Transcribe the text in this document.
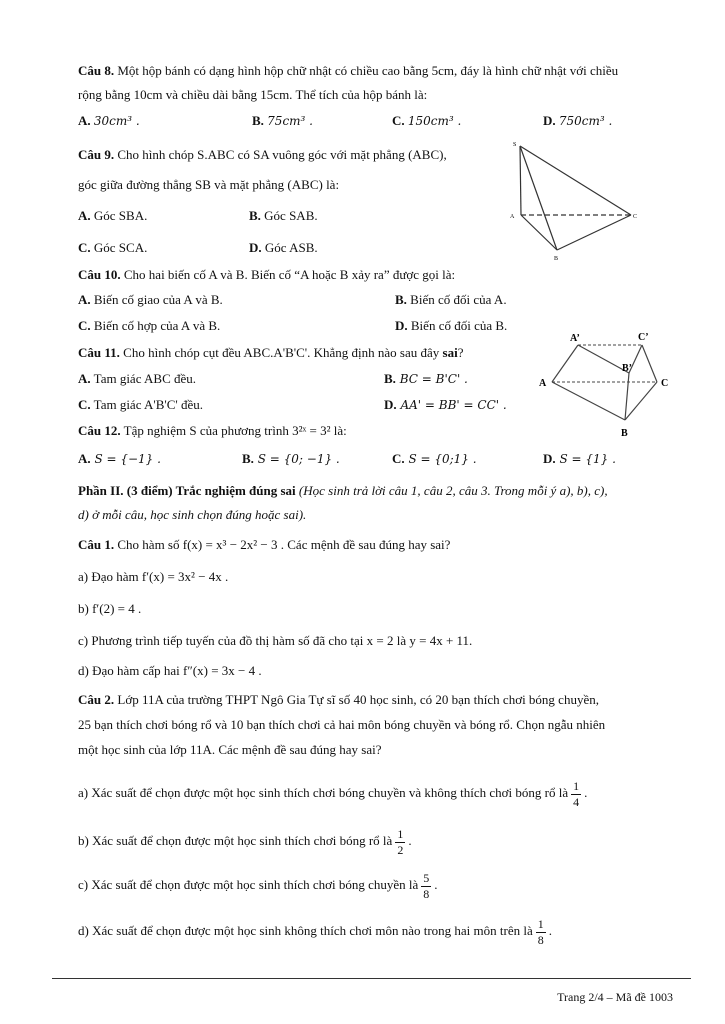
Câu 8. Một hộp bánh có dạng hình hộp chữ nhật có chiều cao bằng 5cm, đáy là hình chữ nhật với chiều
rộng bằng 10cm và chiều dài bằng 15cm. Thể tích của hộp bánh là:
A. 30cm³ .	B. 75cm³ .	C. 150cm³ .	D. 750cm³ .
Câu 9. Cho hình chóp S.ABC có SA vuông góc với mặt phẳng (ABC),
góc giữa đường thẳng SB và mặt phẳng (ABC) là:
A. Góc SBA.	B. Góc SAB.
C. Góc SCA.	D. Góc ASB.
S
A
B
C
Câu 10. Cho hai biến cố A và B. Biến cố “A hoặc B xảy ra” được gọi là:
A. Biến cố giao của A và B.	B. Biến cố đối của A.
C. Biến cố hợp của A và B.	D. Biến cố đối của B.
Câu 11. Cho hình chóp cụt đều ABC.A'B'C'. Khẳng định nào sau đây sai?
A. Tam giác ABC đều.	B. BC = B'C' .
C. Tam giác A'B'C' đều.	D. AA' = BB' = CC' .
A’	C’
B’
A	C
B
Câu 12. Tập nghiệm S của phương trình 3²ˣ = 3² là:
A. S = {−1} .	B. S = {0; −1} .	C. S = {0;1} .	D. S = {1} .
Phần II. (3 điểm) Trắc nghiệm đúng sai (Học sinh trả lời câu 1, câu 2, câu 3. Trong mỗi ý a), b), c),
d) ở mỗi câu, học sinh chọn đúng hoặc sai).
Câu 1. Cho hàm số f(x) = x³ − 2x² − 3 . Các mệnh đề sau đúng hay sai?
a) Đạo hàm f′(x) = 3x² − 4x .
b) f′(2) = 4 .
c) Phương trình tiếp tuyến của đồ thị hàm số đã cho tại x = 2 là y = 4x + 11.
d) Đạo hàm cấp hai f″(x) = 3x − 4 .
Câu 2. Lớp 11A của trường THPT Ngô Gia Tự sĩ số 40 học sinh, có 20 bạn thích chơi bóng chuyền,
25 bạn thích chơi bóng rổ và 10 bạn thích chơi cả hai môn bóng chuyền và bóng rổ. Chọn ngẫu nhiên
một học sinh của lớp 11A. Các mệnh đề sau đúng hay sai?
a) Xác suất để chọn được một học sinh thích chơi bóng chuyền và không thích chơi bóng rổ là $\frac{1}{4}$ .
b) Xác suất để chọn được một học sinh thích chơi bóng rổ là $\frac{1}{2}$ .
c) Xác suất để chọn được một học sinh thích chơi bóng chuyền là $\frac{5}{8}$ .
d) Xác suất để chọn được một học sinh không thích chơi môn nào trong hai môn trên là $\frac{1}{8}$ .
Trang 2/4 – Mã đề 1003
